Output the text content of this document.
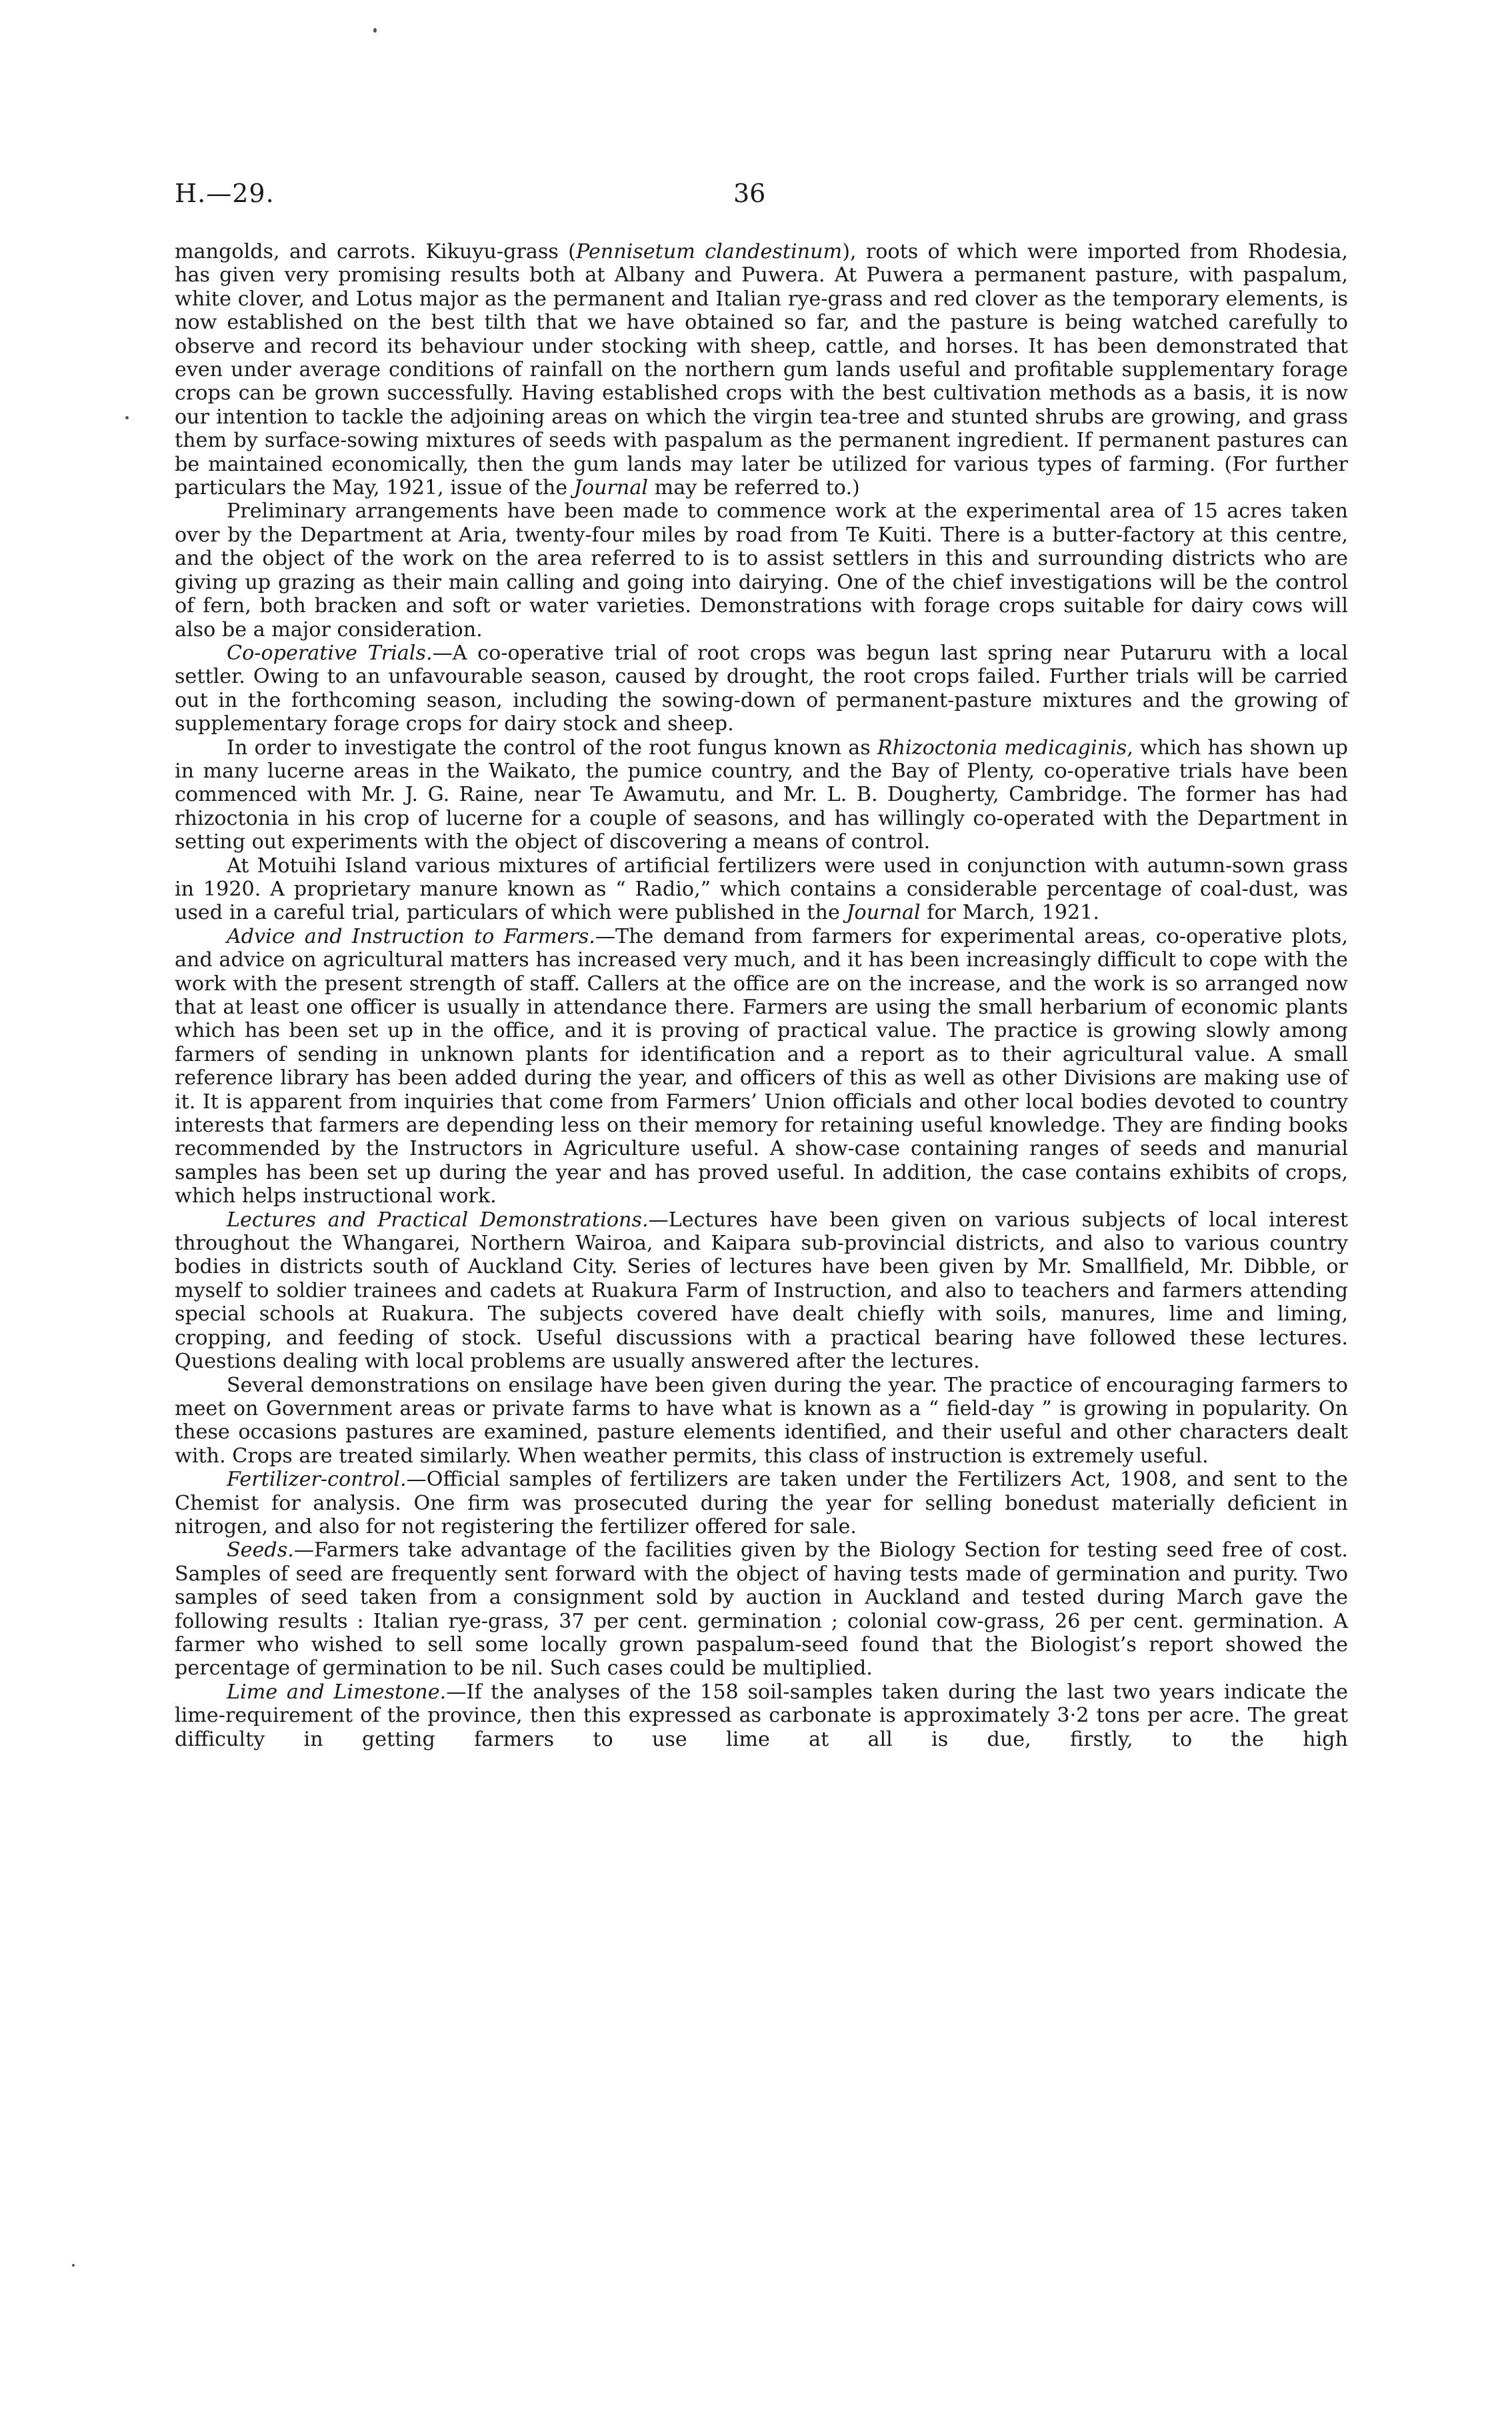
H.—29.	36

mangolds, and carrots. Kikuyu-grass (Pennisetum clandestinum), roots of which were imported from Rhodesia, has given very promising results both at Albany and Puwera. At Puwera a permanent pasture, with paspalum, white clover, and Lotus major as the permanent and Italian rye-grass and red clover as the temporary elements, is now established on the best tilth that we have obtained so far, and the pasture is being watched carefully to observe and record its behaviour under stocking with sheep, cattle, and horses. It has been demonstrated that even under average conditions of rainfall on the northern gum lands useful and profitable supplementary forage crops can be grown successfully. Having established crops with the best cultivation methods as a basis, it is now our intention to tackle the adjoining areas on which the virgin tea-tree and stunted shrubs are growing, and grass them by surface-sowing mixtures of seeds with paspalum as the permanent ingredient. If permanent pastures can be maintained economically, then the gum lands may later be utilized for various types of farming. (For further particulars the May, 1921, issue of the Journal may be referred to.)

Preliminary arrangements have been made to commence work at the experimental area of 15 acres taken over by the Department at Aria, twenty-four miles by road from Te Kuiti. There is a butter-factory at this centre, and the object of the work on the area referred to is to assist settlers in this and surrounding districts who are giving up grazing as their main calling and going into dairying. One of the chief investigations will be the control of fern, both bracken and soft or water varieties. Demonstrations with forage crops suitable for dairy cows will also be a major consideration.

Co-operative Trials.—A co-operative trial of root crops was begun last spring near Putaruru with a local settler. Owing to an unfavourable season, caused by drought, the root crops failed. Further trials will be carried out in the forthcoming season, including the sowing-down of permanent-pasture mixtures and the growing of supplementary forage crops for dairy stock and sheep.

In order to investigate the control of the root fungus known as Rhizoctonia medicaginis, which has shown up in many lucerne areas in the Waikato, the pumice country, and the Bay of Plenty, co-operative trials have been commenced with Mr. J. G. Raine, near Te Awamutu, and Mr. L. B. Dougherty, Cambridge. The former has had rhizoctonia in his crop of lucerne for a couple of seasons, and has willingly co-operated with the Department in setting out experiments with the object of discovering a means of control.

At Motuihi Island various mixtures of artificial fertilizers were used in conjunction with autumn-sown grass in 1920. A proprietary manure known as “ Radio,” which contains a considerable percentage of coal-dust, was used in a careful trial, particulars of which were published in the Journal for March, 1921.

Advice and Instruction to Farmers.—The demand from farmers for experimental areas, co-operative plots, and advice on agricultural matters has increased very much, and it has been increasingly difficult to cope with the work with the present strength of staff. Callers at the office are on the increase, and the work is so arranged now that at least one officer is usually in attendance there. Farmers are using the small herbarium of economic plants which has been set up in the office, and it is proving of practical value. The practice is growing slowly among farmers of sending in unknown plants for identification and a report as to their agricultural value. A small reference library has been added during the year, and officers of this as well as other Divisions are making use of it. It is apparent from inquiries that come from Farmers’ Union officials and other local bodies devoted to country interests that farmers are depending less on their memory for retaining useful knowledge. They are finding books recommended by the Instructors in Agriculture useful. A show-case containing ranges of seeds and manurial samples has been set up during the year and has proved useful. In addition, the case contains exhibits of crops, which helps instructional work.

Lectures and Practical Demonstrations.—Lectures have been given on various subjects of local interest throughout the Whangarei, Northern Wairoa, and Kaipara sub-provincial districts, and also to various country bodies in districts south of Auckland City. Series of lectures have been given by Mr. Smallfield, Mr. Dibble, or myself to soldier trainees and cadets at Ruakura Farm of Instruction, and also to teachers and farmers attending special schools at Ruakura. The subjects covered have dealt chiefly with soils, manures, lime and liming, cropping, and feeding of stock. Useful discussions with a practical bearing have followed these lectures. Questions dealing with local problems are usually answered after the lectures.

Several demonstrations on ensilage have been given during the year. The practice of encouraging farmers to meet on Government areas or private farms to have what is known as a “ field-day ” is growing in popularity. On these occasions pastures are examined, pasture elements identified, and their useful and other characters dealt with. Crops are treated similarly. When weather permits, this class of instruction is extremely useful.

Fertilizer-control.—Official samples of fertilizers are taken under the Fertilizers Act, 1908, and sent to the Chemist for analysis. One firm was prosecuted during the year for selling bonedust materially deficient in nitrogen, and also for not registering the fertilizer offered for sale.

Seeds.—Farmers take advantage of the facilities given by the Biology Section for testing seed free of cost. Samples of seed are frequently sent forward with the object of having tests made of germination and purity. Two samples of seed taken from a consignment sold by auction in Auckland and tested during March gave the following results : Italian rye-grass, 37 per cent. germination ; colonial cow-grass, 26 per cent. germination. A farmer who wished to sell some locally grown paspalum-seed found that the Biologist’s report showed the percentage of germination to be nil. Such cases could be multiplied.

Lime and Limestone.—If the analyses of the 158 soil-samples taken during the last two years indicate the lime-requirement of the province, then this expressed as carbonate is approximately 3·2 tons per acre. The great difficulty in getting farmers to use lime at all is due, firstly, to the high
